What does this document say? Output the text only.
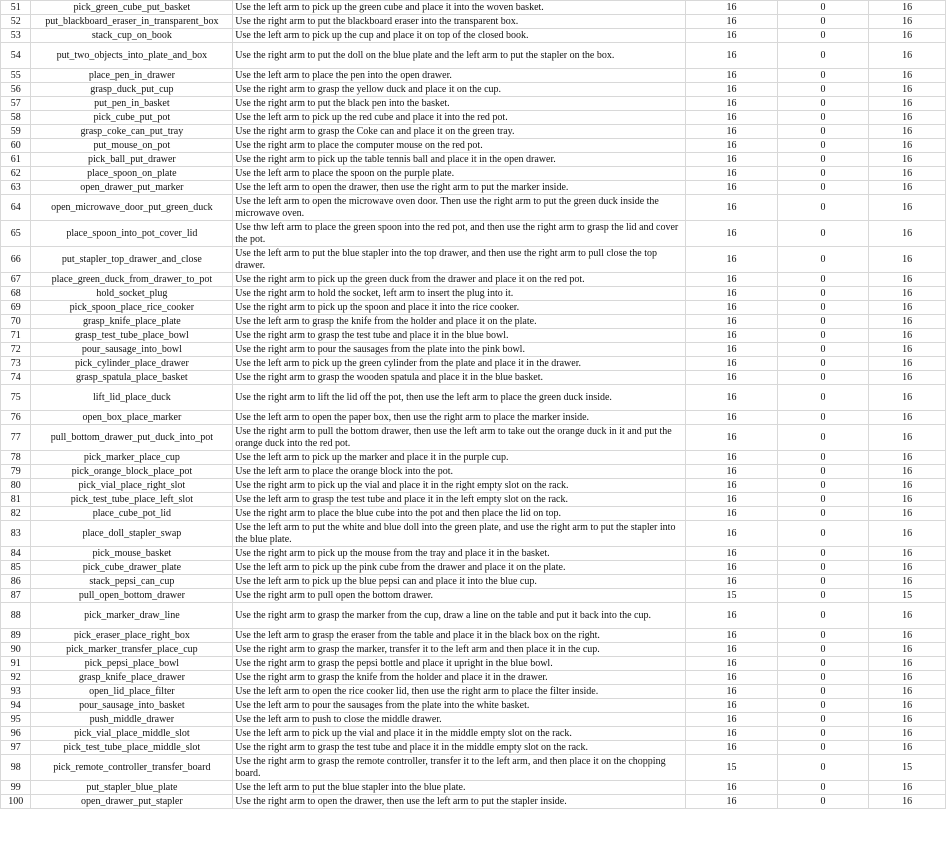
51	pick_green_cube_put_basket	Use the left arm to pick up the green cube and place it into the woven basket.	16	0	16
52	put_blackboard_eraser_in_transparent_box	Use the right arm to put the blackboard eraser into the transparent box.	16	0	16
53	stack_cup_on_book	Use the left arm to pick up the cup and place it on top of the closed book.	16	0	16
54	put_two_objects_into_plate_and_box	Use the right arm to put the doll on the blue plate and the left arm to put the stapler on the box.	16	0	16
55	place_pen_in_drawer	Use the left arm to place the pen into the open drawer.	16	0	16
56	grasp_duck_put_cup	Use the right arm to grasp the yellow duck and place it on the cup.	16	0	16
57	put_pen_in_basket	Use the right arm to put the black pen into the basket.	16	0	16
58	pick_cube_put_pot	Use the left arm to pick up the red cube and place it into the red pot.	16	0	16
59	grasp_coke_can_put_tray	Use the right arm to grasp the Coke can and place it on the green tray.	16	0	16
60	put_mouse_on_pot	Use the right arm to place the computer mouse on the red pot.	16	0	16
61	pick_ball_put_drawer	Use the right arm to pick up the table tennis ball and place it in the open drawer.	16	0	16
62	place_spoon_on_plate	Use the left arm to place the spoon on the purple plate.	16	0	16
63	open_drawer_put_marker	Use the left arm to open the drawer, then use the right arm to put the marker inside.	16	0	16
64	open_microwave_door_put_green_duck	Use the left arm to open the microwave oven door. Then use the right arm to put the green duck inside the microwave oven.	16	0	16
65	place_spoon_into_pot_cover_lid	Use thw left arm to place the green spoon into the red pot, and then use the right arm to grasp the lid and cover the pot.	16	0	16
66	put_stapler_top_drawer_and_close	Use the left arm to put the blue stapler into the top drawer, and then use the right arm to pull close the top drawer.	16	0	16
67	place_green_duck_from_drawer_to_pot	Use the right arm to pick up the green duck from the drawer and place it on the red pot.	16	0	16
68	hold_socket_plug	Use the right arm to hold the socket, left arm to insert the plug into it.	16	0	16
69	pick_spoon_place_rice_cooker	Use the right arm to pick up the spoon and place it into the rice cooker.	16	0	16
70	grasp_knife_place_plate	Use the left arm to grasp the knife from the holder and place it on the plate.	16	0	16
71	grasp_test_tube_place_bowl	Use the right arm to grasp the test tube and place it in the blue bowl.	16	0	16
72	pour_sausage_into_bowl	Use the right arm to pour the sausages from the plate into the pink bowl.	16	0	16
73	pick_cylinder_place_drawer	Use the left arm to pick up the green cylinder from the plate and place it in the drawer.	16	0	16
74	grasp_spatula_place_basket	Use the right arm to grasp the wooden spatula and place it in the blue basket.	16	0	16
75	lift_lid_place_duck	Use the right arm to lift the lid off the pot, then use the left arm to place the green duck inside.	16	0	16
76	open_box_place_marker	Use the left arm to open the paper box, then use the right arm to place the marker inside.	16	0	16
77	pull_bottom_drawer_put_duck_into_pot	Use the right arm to pull the bottom drawer, then use the left arm to take out the orange duck in it and put the orange duck into the red pot.	16	0	16
78	pick_marker_place_cup	Use the left arm to pick up the marker and place it in the purple cup.	16	0	16
79	pick_orange_block_place_pot	Use the left arm to place the orange block into the pot.	16	0	16
80	pick_vial_place_right_slot	Use the right arm to pick up the vial and place it in the right empty slot on the rack.	16	0	16
81	pick_test_tube_place_left_slot	Use the left arm to grasp the test tube and place it in the left empty slot on the rack.	16	0	16
82	place_cube_pot_lid	Use the right arm to place the blue cube into the pot and then place the lid on top.	16	0	16
83	place_doll_stapler_swap	Use the left arm to put the white and blue doll into the green plate, and use the right arm to put the stapler into the blue plate.	16	0	16
84	pick_mouse_basket	Use the right arm to pick up the mouse from the tray and place it in the basket.	16	0	16
85	pick_cube_drawer_plate	Use the left arm to pick up the pink cube from the drawer and place it on the plate.	16	0	16
86	stack_pepsi_can_cup	Use the left arm to pick up the blue pepsi can and place it into the blue cup.	16	0	16
87	pull_open_bottom_drawer	Use the right arm to pull open the bottom drawer.	15	0	15
88	pick_marker_draw_line	Use the right arm to grasp the marker from the cup, draw a line on the table and put it back into the cup.	16	0	16
89	pick_eraser_place_right_box	Use the left arm to grasp the eraser from the table and place it in the black box on the right.	16	0	16
90	pick_marker_transfer_place_cup	Use the right arm to grasp the marker, transfer it to the left arm and then place it in the cup.	16	0	16
91	pick_pepsi_place_bowl	Use the right arm to grasp the pepsi bottle and place it upright in the blue bowl.	16	0	16
92	grasp_knife_place_drawer	Use the right arm to grasp the knife from the holder and place it in the drawer.	16	0	16
93	open_lid_place_filter	Use the left arm to open the rice cooker lid, then use the right arm to place the filter inside.	16	0	16
94	pour_sausage_into_basket	Use the left arm to pour the sausages from the plate into the white basket.	16	0	16
95	push_middle_drawer	Use the left arm to push to close the middle drawer.	16	0	16
96	pick_vial_place_middle_slot	Use the left arm to pick up the vial and place it in the middle empty slot on the rack.	16	0	16
97	pick_test_tube_place_middle_slot	Use the right arm to grasp the test tube and place it in the middle empty slot on the rack.	16	0	16
98	pick_remote_controller_transfer_board	Use the right arm to grasp the remote controller, transfer it to the left arm, and then place it on the chopping board.	15	0	15
99	put_stapler_blue_plate	Use the left arm to put the blue stapler into the blue plate.	16	0	16
100	open_drawer_put_stapler	Use the right arm to open the drawer, then use the left arm to put the stapler inside.	16	0	16
